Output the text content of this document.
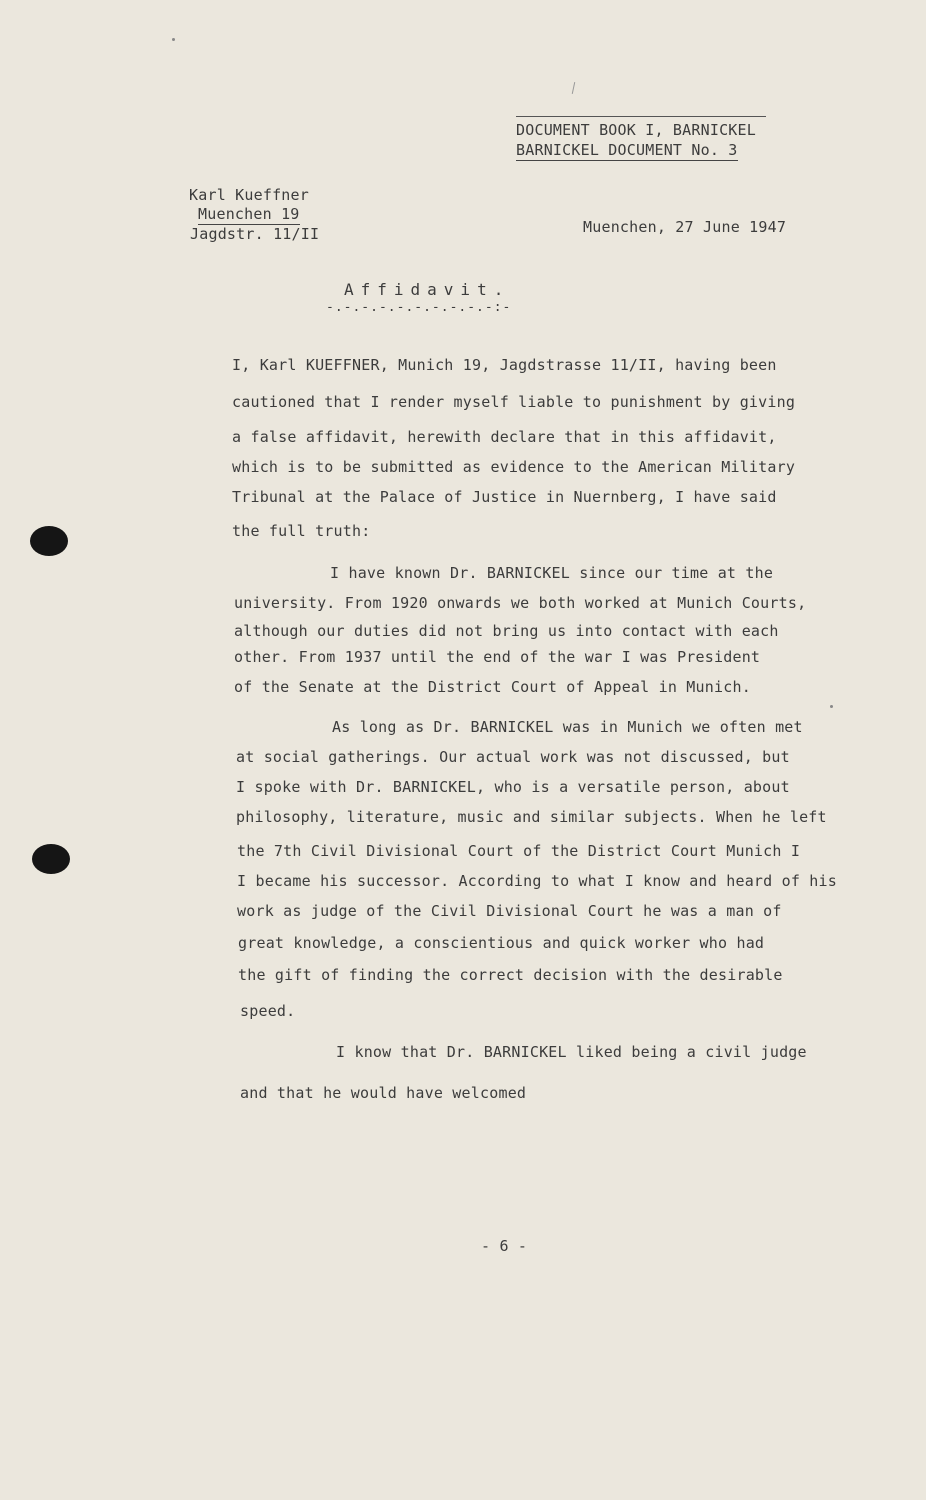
DOCUMENT BOOK I, BARNICKEL
BARNICKEL DOCUMENT No. 3
Karl Kueffner
Muenchen 19
Jagdstr. 11/II	Muenchen, 27 June 1947
Affidavit.
-.-.-.-.-.-.-.-.-.-:-
I, Karl KUEFFNER, Munich 19, Jagdstrasse 11/II, having been
cautioned that I render myself liable to punishment by giving
a false affidavit, herewith declare that in this affidavit,
which is to be submitted as evidence to the American Military
Tribunal at the Palace of Justice in Nuernberg, I have said
the full truth:
I have known Dr. BARNICKEL since our time at the
university. From 1920 onwards we both worked at Munich Courts,
although our duties did not bring us into contact with each
other. From 1937 until the end of the war I was President
of the Senate at the District Court of Appeal in Munich.
As long as Dr. BARNICKEL was in Munich we often met
at social gatherings. Our actual work was not discussed, but
I spoke with Dr. BARNICKEL, who is a versatile person, about
philosophy, literature, music and similar subjects. When he left
the 7th Civil Divisional Court of the District Court Munich I
I became his successor. According to what I know and heard of his
work as judge of the Civil Divisional Court he was a man of
great knowledge, a conscientious and quick worker who had
the gift of finding the correct decision with the desirable
speed.
I know that Dr. BARNICKEL liked being a civil judge
and that he would have welcomed
- 6 -
